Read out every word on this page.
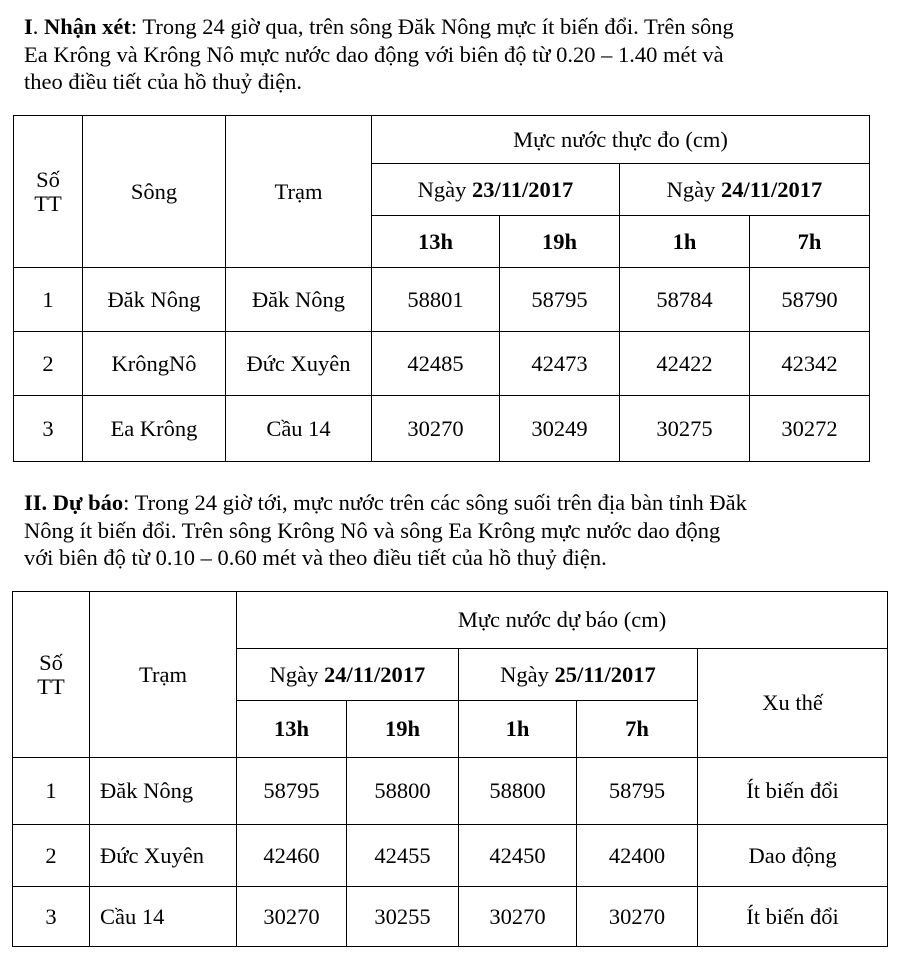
I. Nhận xét: Trong 24 giờ qua, trên sông Đăk Nông mực ít biến đổi. Trên sông
Ea Krông và Krông Nô mực nước dao động với biên độ từ 0.20 – 1.40 mét và
theo điều tiết của hồ thuỷ điện.

Số
TT	Sông	Trạm	Mực nước thực đo (cm)			
			Ngày 23/11/2017		Ngày 24/11/2017	
			13h	19h	1h	7h
1	Đăk Nông	Đăk Nông	58801	58795	58784	58790
2	KrôngNô	Đức Xuyên	42485	42473	42422	42342
3	Ea Krông	Cầu 14	30270	30249	30275	30272

II. Dự báo: Trong 24 giờ tới, mực nước trên các sông suối trên địa bàn tỉnh Đăk
Nông ít biến đổi. Trên sông Krông Nô và sông Ea Krông mực nước dao động
với biên độ từ 0.10 – 0.60 mét và theo điều tiết của hồ thuỷ điện.

Số
TT	Trạm	Mực nước dự báo (cm)				
		Ngày 24/11/2017		Ngày 25/11/2017		Xu thế
		13h	19h	1h	7h	
1	Đăk Nông	58795	58800	58800	58795	Ít biến đổi
2	Đức Xuyên	42460	42455	42450	42400	Dao động
3	Cầu 14	30270	30255	30270	30270	Ít biến đổi
